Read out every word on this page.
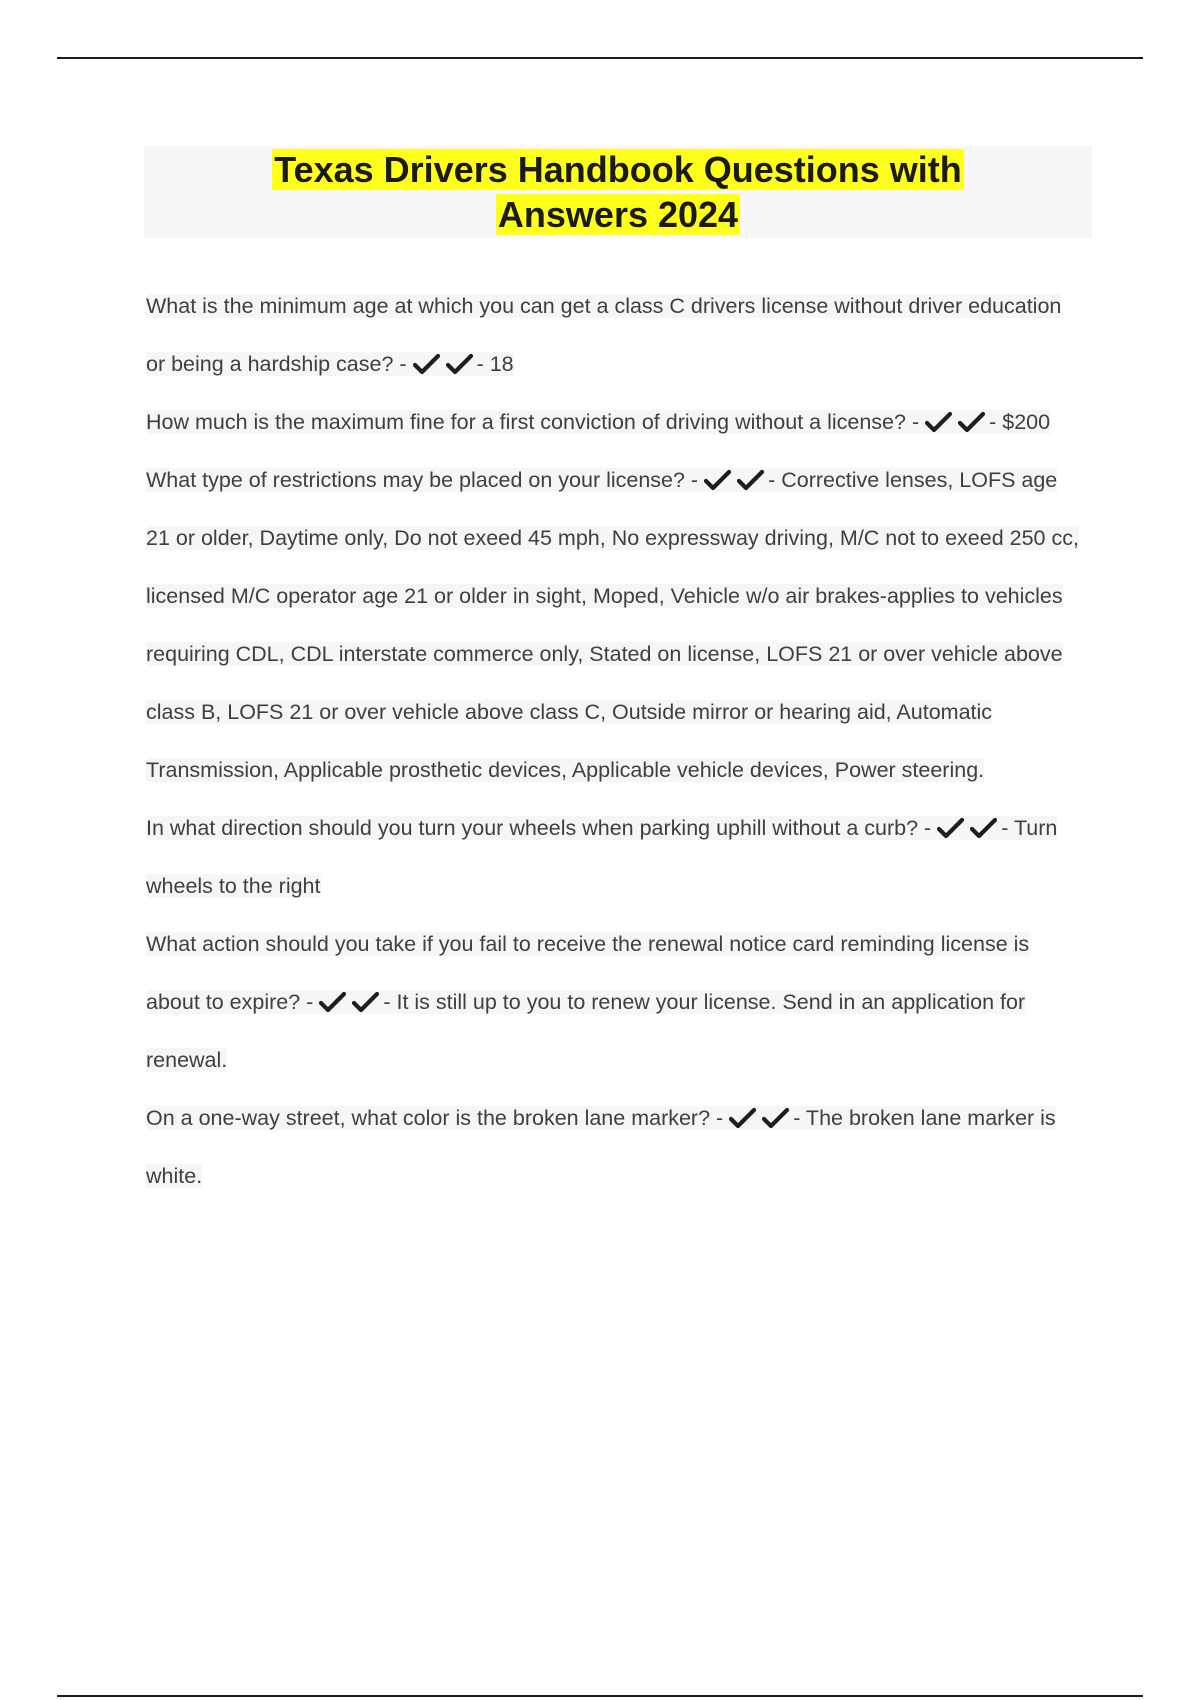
Texas Drivers Handbook Questions with
Answers 2024

What is the minimum age at which you can get a class C drivers license without driver education or being a hardship case? -	- 18

How much is the maximum fine for a first conviction of driving without a license? -	- $200

What type of restrictions may be placed on your license? -	- Corrective lenses, LOFS age 21 or older, Daytime only, Do not exeed 45 mph, No expressway driving, M/C not to exeed 250 cc, licensed M/C operator age 21 or older in sight, Moped, Vehicle w/o air brakes-applies to vehicles requiring CDL, CDL interstate commerce only, Stated on license, LOFS 21 or over vehicle above class B, LOFS 21 or over vehicle above class C, Outside mirror or hearing aid, Automatic Transmission, Applicable prosthetic devices, Applicable vehicle devices, Power steering.

In what direction should you turn your wheels when parking uphill without a curb? -	- Turn wheels to the right

What action should you take if you fail to receive the renewal notice card reminding license is about to expire? -	- It is still up to you to renew your license. Send in an application for renewal.

On a one-way street, what color is the broken lane marker? -	- The broken lane marker is white.
